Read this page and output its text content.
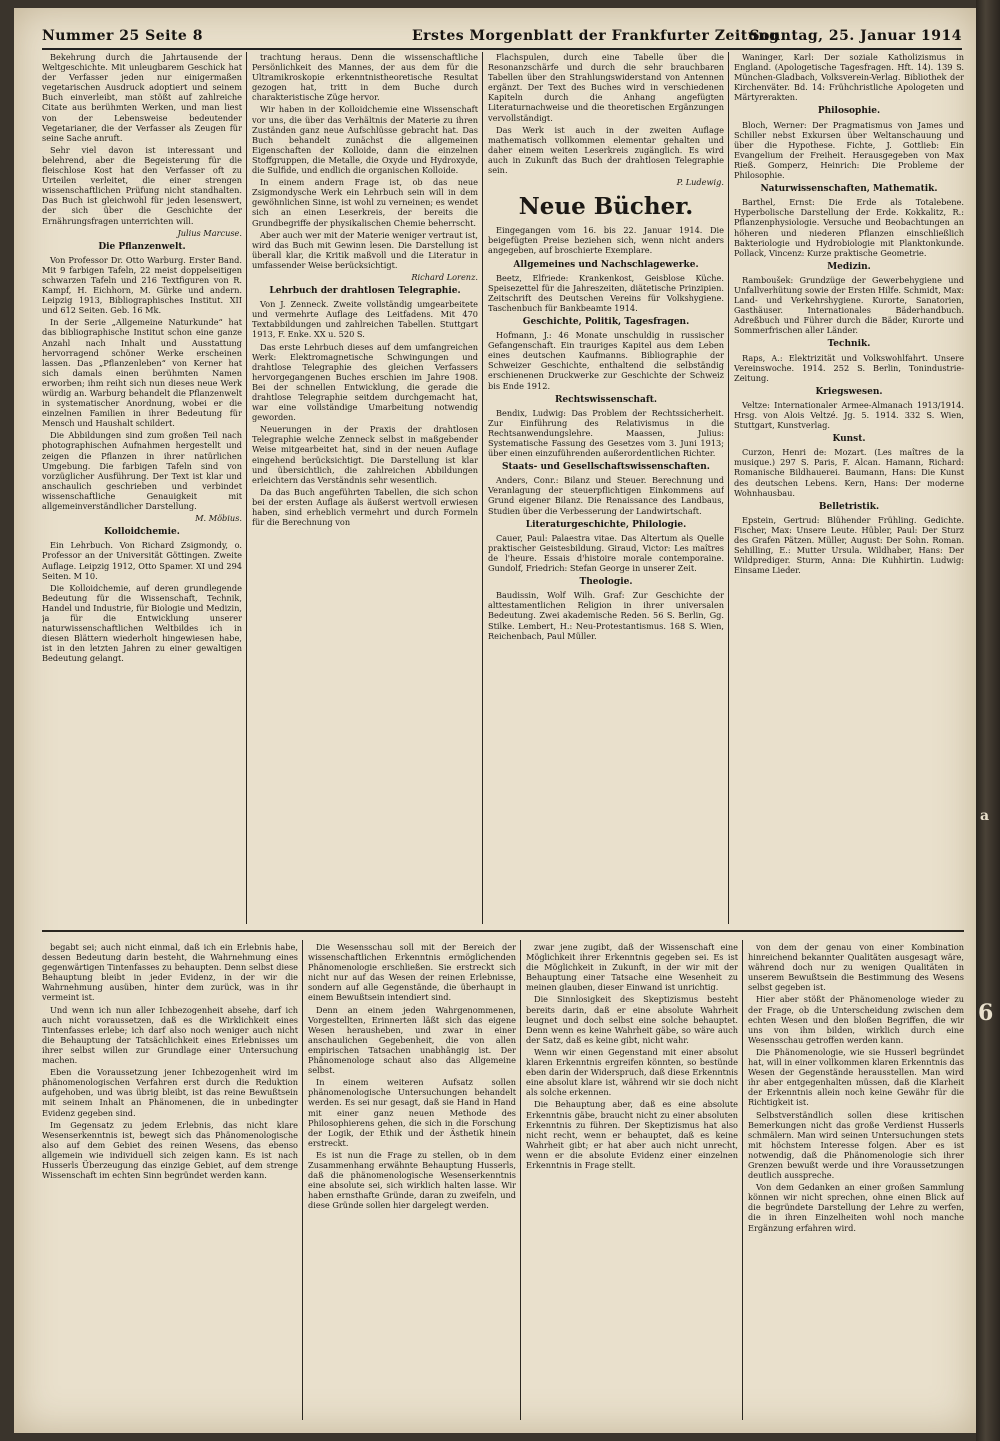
Nummer 25 Seite 8	Erstes Morgenblatt der Frankfurter Zeitung
Sonntag, 25. Januar 1914

Bekehrung durch die Jahrtausende der Weltgeschichte. Mit unleugbarem Geschick hat der Verfasser jeden nur einigermaßen vegetarischen Ausdruck adoptiert und seinem Buch einverleibt, man stößt auf zahlreiche Citate aus berühmten Werken, und man liest von der Lebensweise bedeutender Vegetarianer, die der Verfasser als Zeugen für seine Sache anruft.

Sehr viel davon ist interessant und belehrend, aber die Begeisterung für die fleischlose Kost hat den Verfasser oft zu Urteilen verleitet, die einer strengen wissenschaftlichen Prüfung nicht standhalten. Das Buch ist gleichwohl für jeden lesenswert, der sich über die Geschichte der Ernährungsfragen unterrichten will.

Julius Marcuse.

Die Pflanzenwelt.

Von Professor Dr. Otto Warburg. Erster Band. Mit 9 farbigen Tafeln, 22 meist doppelseitigen schwarzen Tafeln und 216 Textfiguren von R. Kampf, H. Eichhorn, M. Gürke und andern. Leipzig 1913, Bibliographisches Institut. XII und 612 Seiten. Geb. 16 Mk.

In der Serie „Allgemeine Naturkunde“ hat das bibliographische Institut schon eine ganze Anzahl nach Inhalt und Ausstattung hervorragend schöner Werke erscheinen lassen. Das „Pflanzenleben“ von Kerner hat sich damals einen berühmten Namen erworben; ihm reiht sich nun dieses neue Werk würdig an. Warburg behandelt die Pflanzenwelt in systematischer Anordnung, wobei er die einzelnen Familien in ihrer Bedeutung für Mensch und Haushalt schildert.

Die Abbildungen sind zum großen Teil nach photographischen Aufnahmen hergestellt und zeigen die Pflanzen in ihrer natürlichen Umgebung. Die farbigen Tafeln sind von vorzüglicher Ausführung. Der Text ist klar und anschaulich geschrieben und verbindet wissenschaftliche Genauigkeit mit allgemeinverständlicher Darstellung.

M. Möbius.

Kolloidchemie.

Ein Lehrbuch. Von Richard Zsigmondy, o. Professor an der Universität Göttingen. Zweite Auflage. Leipzig 1912, Otto Spamer. XI und 294 Seiten. M 10.

Die Kolloidchemie, auf deren grundlegende Bedeutung für die Wissenschaft, Technik, Handel und Industrie, für Biologie und Medizin, ja für die Entwicklung unserer naturwissenschaftlichen Weltbildes ich in diesen Blättern wiederholt hingewiesen habe, ist in den letzten Jahren zu einer gewaltigen Bedeutung gelangt.

trachtung heraus. Denn die wissenschaftliche Persönlichkeit des Mannes, der aus dem für die Ultramikroskopie erkenntnistheoretische Resultat gezogen hat, tritt in dem Buche durch charakteristische Züge hervor.

Wir haben in der Kolloidchemie eine Wissenschaft vor uns, die über das Verhältnis der Materie zu ihren Zuständen ganz neue Aufschlüsse gebracht hat. Das Buch behandelt zunächst die allgemeinen Eigenschaften der Kolloide, dann die einzelnen Stoffgruppen, die Metalle, die Oxyde und Hydroxyde, die Sulfide, und endlich die organischen Kolloide.

In einem andern Frage ist, ob das neue Zsigmondysche Werk ein Lehrbuch sein will in dem gewöhnlichen Sinne, ist wohl zu verneinen; es wendet sich an einen Leserkreis, der bereits die Grundbegriffe der physikalischen Chemie beherrscht.

Aber auch wer mit der Materie weniger vertraut ist, wird das Buch mit Gewinn lesen. Die Darstellung ist überall klar, die Kritik maßvoll und die Literatur in umfassender Weise berücksichtigt.

Richard Lorenz.

Lehrbuch der drahtlosen Telegraphie.

Von J. Zenneck. Zweite vollständig umgearbeitete und vermehrte Auflage des Leitfadens. Mit 470 Textabbildungen und zahlreichen Tabellen. Stuttgart 1913, F. Enke. XX u. 520 S.

Das erste Lehrbuch dieses auf dem umfangreichen Werk: Elektromagnetische Schwingungen und drahtlose Telegraphie des gleichen Verfassers hervorgegangenen Buches erschien im Jahre 1908. Bei der schnellen Entwicklung, die gerade die drahtlose Telegraphie seitdem durchgemacht hat, war eine vollständige Umarbeitung notwendig geworden.

Neuerungen in der Praxis der drahtlosen Telegraphie welche Zenneck selbst in maßgebender Weise mitgearbeitet hat, sind in der neuen Auflage eingehend berücksichtigt. Die Darstellung ist klar und übersichtlich, die zahlreichen Abbildungen erleichtern das Verständnis sehr wesentlich.

Da das Buch angeführten Tabellen, die sich schon bei der ersten Auflage als äußerst wertvoll erwiesen haben, sind erheblich vermehrt und durch Formeln für die Berechnung von

Flachspulen, durch eine Tabelle über die Resonanzschärfe und durch die sehr brauchbaren Tabellen über den Strahlungswiderstand von Antennen ergänzt. Der Text des Buches wird in verschiedenen Kapiteln durch die Anhang angefügten Literaturnachweise und die theoretischen Ergänzungen vervollständigt.

Das Werk ist auch in der zweiten Auflage mathematisch vollkommen elementar gehalten und daher einem weiten Leserkreis zugänglich. Es wird auch in Zukunft das Buch der drahtlosen Telegraphie sein.

P. Ludewig.

Neue Bücher.

Eingegangen vom 16. bis 22. Januar 1914. Die beigefügten Preise beziehen sich, wenn nicht anders angegeben, auf broschierte Exemplare.

Allgemeines und Nachschlagewerke.

Beetz, Elfriede: Krankenkost, Geisblose Küche. Speisezettel für die Jahreszeiten, diätetische Prinzipien. Zeitschrift des Deutschen Vereins für Volkshygiene. Taschenbuch für Bankbeamte 1914.

Geschichte, Politik, Tagesfragen.

Hofmann, J.: 46 Monate unschuldig in russischer Gefangenschaft. Ein trauriges Kapitel aus dem Leben eines deutschen Kaufmanns. Bibliographie der Schweizer Geschichte, enthaltend die selbständig erschienenen Druckwerke zur Geschichte der Schweiz bis Ende 1912.

Rechtswissenschaft.

Bendix, Ludwig: Das Problem der Rechtssicherheit. Zur Einführung des Relativismus in die Rechtsanwendungslehre. Maassen, Julius: Systematische Fassung des Gesetzes vom 3. Juni 1913; über einen einzuführenden außerordentlichen Richter.

Staats- und Gesellschaftswissenschaften.

Anders, Conr.: Bilanz und Steuer. Berechnung und Veranlagung der steuerpflichtigen Einkommens auf Grund eigener Bilanz. Die Renaissance des Landbaus, Studien über die Verbesserung der Landwirtschaft.

Literaturgeschichte, Philologie.

Cauer, Paul: Palaestra vitae. Das Altertum als Quelle praktischer Geistesbildung. Giraud, Victor: Les maîtres de l'heure. Essais d'histoire morale contemporaine. Gundolf, Friedrich: Stefan George in unserer Zeit.

Theologie.

Baudissin, Wolf Wilh. Graf: Zur Geschichte der alttestamentlichen Religion in ihrer universalen Bedeutung. Zwei akademische Reden. 56 S. Berlin, Gg. Stilke. Lembert, H.: Neu-Protestantismus. 168 S. Wien, Reichenbach, Paul Müller.

Waninger, Karl: Der soziale Katholizismus in England. (Apologetische Tagesfragen. Hft. 14). 139 S. München-Gladbach, Volksverein-Verlag. Bibliothek der Kirchenväter. Bd. 14: Frühchristliche Apologeten und Märtyrerakten.

Philosophie.

Bloch, Werner: Der Pragmatismus von James und Schiller nebst Exkursen über Weltanschauung und über die Hypothese. Fichte, J. Gottlieb: Ein Evangelium der Freiheit. Herausgegeben von Max Rieß. Gomperz, Heinrich: Die Probleme der Philosophie.

Naturwissenschaften, Mathematik.

Barthel, Ernst: Die Erde als Totalebene. Hyperbolische Darstellung der Erde. Kokkalitz, R.: Pflanzenphysiologie. Versuche und Beobachtungen an höheren und niederen Pflanzen einschließlich Bakteriologie und Hydrobiologie mit Planktonkunde. Pollack, Vincenz: Kurze praktische Geometrie.

Medizin.

Ramboušek: Grundzüge der Gewerbehygiene und Unfallverhütung sowie der Ersten Hilfe. Schmidt, Max: Land- und Verkehrshygiene. Kurorte, Sanatorien, Gasthäuser. Internationales Bäderhandbuch. Adreßbuch und Führer durch die Bäder, Kurorte und Sommerfrischen aller Länder.

Technik.

Raps, A.: Elektrizität und Volkswohlfahrt. Unsere Vereinswoche. 1914. 252 S. Berlin, Tonindustrie-Zeitung.

Kriegswesen.

Veltze: Internationaler Armee-Almanach 1913/1914. Hrsg. von Alois Veltzé. Jg. 5. 1914. 332 S. Wien, Stuttgart, Kunstverlag.

Kunst.

Curzon, Henri de: Mozart. (Les maîtres de la musique.) 297 S. Paris, F. Alcan. Hamann, Richard: Romanische Bildhauerei. Baumann, Hans: Die Kunst des deutschen Lebens. Kern, Hans: Der moderne Wohnhausbau.

Belletristik.

Epstein, Gertrud: Blühender Frühling. Gedichte. Fischer, Max: Unsere Leute. Hübler, Paul: Der Sturz des Grafen Pätzen. Müller, August: Der Sohn. Roman. Sehilling, E.: Mutter Ursula. Wildhaber, Hans: Der Wildprediger. Sturm, Anna: Die Kuhhirtin. Ludwig: Einsame Lieder.

begabt sei; auch nicht einmal, daß ich ein Erlebnis habe, dessen Bedeutung darin besteht, die Wahrnehmung eines gegenwärtigen Tintenfasses zu behaupten. Denn selbst diese Behauptung bleibt in jeder Evidenz, in der wir die Wahrnehmung ausüben, hinter dem zurück, was in ihr vermeint ist.

Und wenn ich nun aller Ichbezogenheit absehe, darf ich auch nicht voraussetzen, daß es die Wirklichkeit eines Tintenfasses erlebe; ich darf also noch weniger auch nicht die Behauptung der Tatsächlichkeit eines Erlebnisses um ihrer selbst willen zur Grundlage einer Untersuchung machen.

Eben die Voraussetzung jener Ichbezogenheit wird im phänomenologischen Verfahren erst durch die Reduktion aufgehoben, und was übrig bleibt, ist das reine Bewußtsein mit seinem Inhalt an Phänomenen, die in unbedingter Evidenz gegeben sind.

Im Gegensatz zu jedem Erlebnis, das nicht klare Wesenserkenntnis ist, bewegt sich das Phänomenologische also auf dem Gebiet des reinen Wesens, das ebenso allgemein wie individuell sich zeigen kann. Es ist nach Husserls Überzeugung das einzige Gebiet, auf dem strenge Wissenschaft im echten Sinn begründet werden kann.

Die Wesensschau soll mit der Bereich der wissenschaftlichen Erkenntnis ermöglichenden Phänomenologie erschließen. Sie erstreckt sich nicht nur auf das Wesen der reinen Erlebnisse, sondern auf alle Gegenstände, die überhaupt in einem Bewußtsein intendiert sind.

Denn an einem jeden Wahrgenommenen, Vorgestellten, Erinnerten läßt sich das eigene Wesen herausheben, und zwar in einer anschaulichen Gegebenheit, die von allen empirischen Tatsachen unabhängig ist. Der Phänomenologe schaut also das Allgemeine selbst.

In einem weiteren Aufsatz sollen phänomenologische Untersuchungen behandelt werden. Es sei nur gesagt, daß sie Hand in Hand mit einer ganz neuen Methode des Philosophierens gehen, die sich in die Forschung der Logik, der Ethik und der Ästhetik hinein erstreckt.

Es ist nun die Frage zu stellen, ob in dem Zusammenhang erwähnte Behauptung Husserls, daß die phänomenologische Wesenserkenntnis eine absolute sei, sich wirklich halten lasse. Wir haben ernsthafte Gründe, daran zu zweifeln, und diese Gründe sollen hier dargelegt werden.

zwar jene zugibt, daß der Wissenschaft eine Möglichkeit ihrer Erkenntnis gegeben sei. Es ist die Möglichkeit in Zukunft, in der wir mit der Behauptung einer Tatsache eine Wesenheit zu meinen glauben, dieser Einwand ist unrichtig.

Die Sinnlosigkeit des Skeptizismus besteht bereits darin, daß er eine absolute Wahrheit leugnet und doch selbst eine solche behauptet. Denn wenn es keine Wahrheit gäbe, so wäre auch der Satz, daß es keine gibt, nicht wahr.

Wenn wir einen Gegenstand mit einer absolut klaren Erkenntnis ergreifen könnten, so bestünde eben darin der Widerspruch, daß diese Erkenntnis eine absolut klare ist, während wir sie doch nicht als solche erkennen.

Die Behauptung aber, daß es eine absolute Erkenntnis gäbe, braucht nicht zu einer absoluten Erkenntnis zu führen. Der Skeptizismus hat also nicht recht, wenn er behauptet, daß es keine Wahrheit gibt; er hat aber auch nicht unrecht, wenn er die absolute Evidenz einer einzelnen Erkenntnis in Frage stellt.

von dem der genau von einer Kombination hinreichend bekannter Qualitäten ausgesagt wäre, während doch nur zu wenigen Qualitäten in unserem Bewußtsein die Bestimmung des Wesens selbst gegeben ist.

Hier aber stößt der Phänomenologe wieder zu der Frage, ob die Unterscheidung zwischen dem echten Wesen und den bloßen Begriffen, die wir uns von ihm bilden, wirklich durch eine Wesensschau getroffen werden kann.

Die Phänomenologie, wie sie Husserl begründet hat, will in einer vollkommen klaren Erkenntnis das Wesen der Gegenstände herausstellen. Man wird ihr aber entgegenhalten müssen, daß die Klarheit der Erkenntnis allein noch keine Gewähr für die Richtigkeit ist.

Selbstverständlich sollen diese kritischen Bemerkungen nicht das große Verdienst Husserls schmälern. Man wird seinen Untersuchungen stets mit höchstem Interesse folgen. Aber es ist notwendig, daß die Phänomenologie sich ihrer Grenzen bewußt werde und ihre Voraussetzungen deutlich ausspreche.

Von dem Gedanken an einer großen Sammlung können wir nicht sprechen, ohne einen Blick auf die begründete Darstellung der Lehre zu werfen, die in ihren Einzelheiten wohl noch manche Ergänzung erfahren wird.

a
6
